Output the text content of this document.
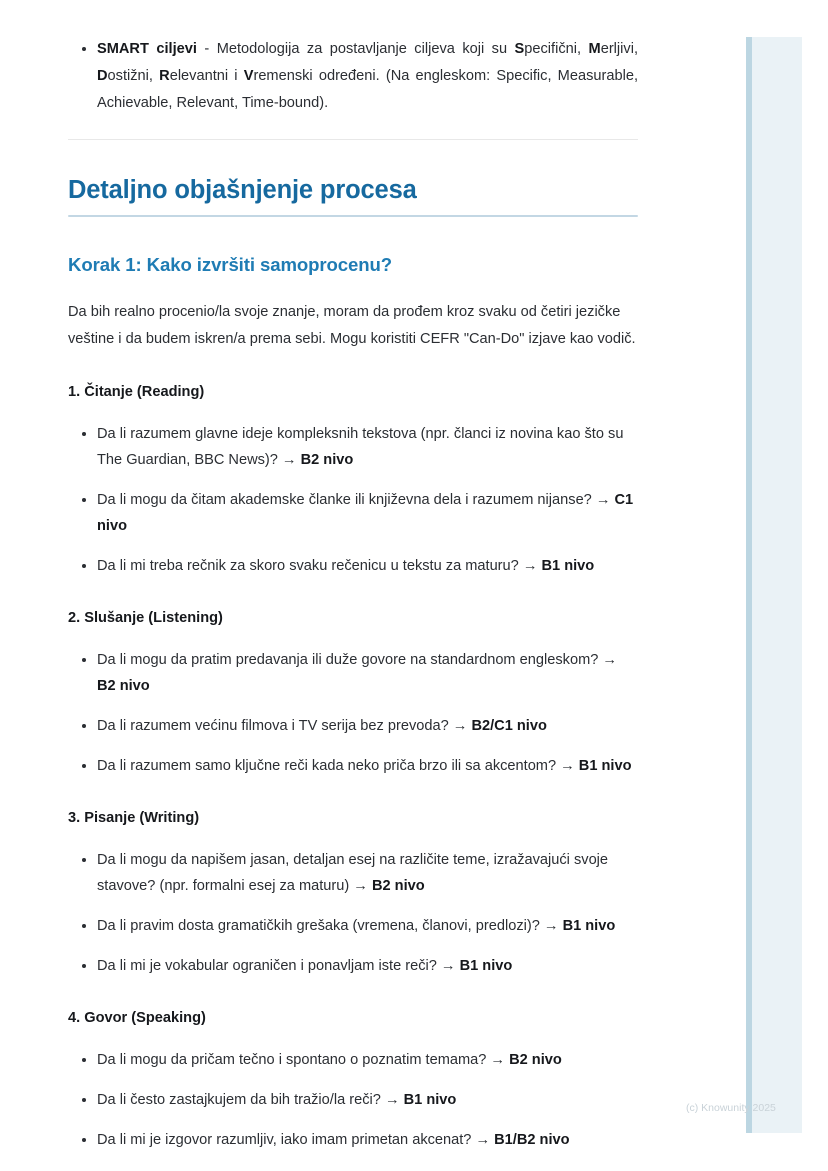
SMART ciljevi - Metodologija za postavljanje ciljeva koji su Specifični, Merljivi, Dostižni, Relevantni i Vremenski određeni. (Na engleskom: Specific, Measurable, Achievable, Relevant, Time-bound).
Detaljno objašnjenje procesa
Korak 1: Kako izvršiti samoprocenu?

Da bih realno procenio/la svoje znanje, moram da prođem kroz svaku od četiri jezičke veštine i da budem iskren/a prema sebi. Mogu koristiti CEFR "Can-Do" izjave kao vodič.

1. Čitanje (Reading)
Da li razumem glavne ideje kompleksnih tekstova (npr. članci iz novina kao što su The Guardian, BBC News)? → B2 nivo
Da li mogu da čitam akademske članke ili književna dela i razumem nijanse? → C1 nivo
Da li mi treba rečnik za skoro svaku rečenicu u tekstu za maturu? → B1 nivo
2. Slušanje (Listening)
Da li mogu da pratim predavanja ili duže govore na standardnom engleskom? → B2 nivo
Da li razumem većinu filmova i TV serija bez prevoda? → B2/C1 nivo
Da li razumem samo ključne reči kada neko priča brzo ili sa akcentom? → B1 nivo
3. Pisanje (Writing)
Da li mogu da napišem jasan, detaljan esej na različite teme, izražavajući svoje stavove? (npr. formalni esej za maturu) → B2 nivo
Da li pravim dosta gramatičkih grešaka (vremena, članovi, predlozi)? → B1 nivo
Da li mi je vokabular ograničen i ponavljam iste reči? → B1 nivo
4. Govor (Speaking)
Da li mogu da pričam tečno i spontano o poznatim temama? → B2 nivo
Da li često zastajkujem da bih tražio/la reči? → B1 nivo
Da li mi je izgovor razumljiv, iako imam primetan akcenat? → B1/B2 nivo
(c) Knowunity 2025
